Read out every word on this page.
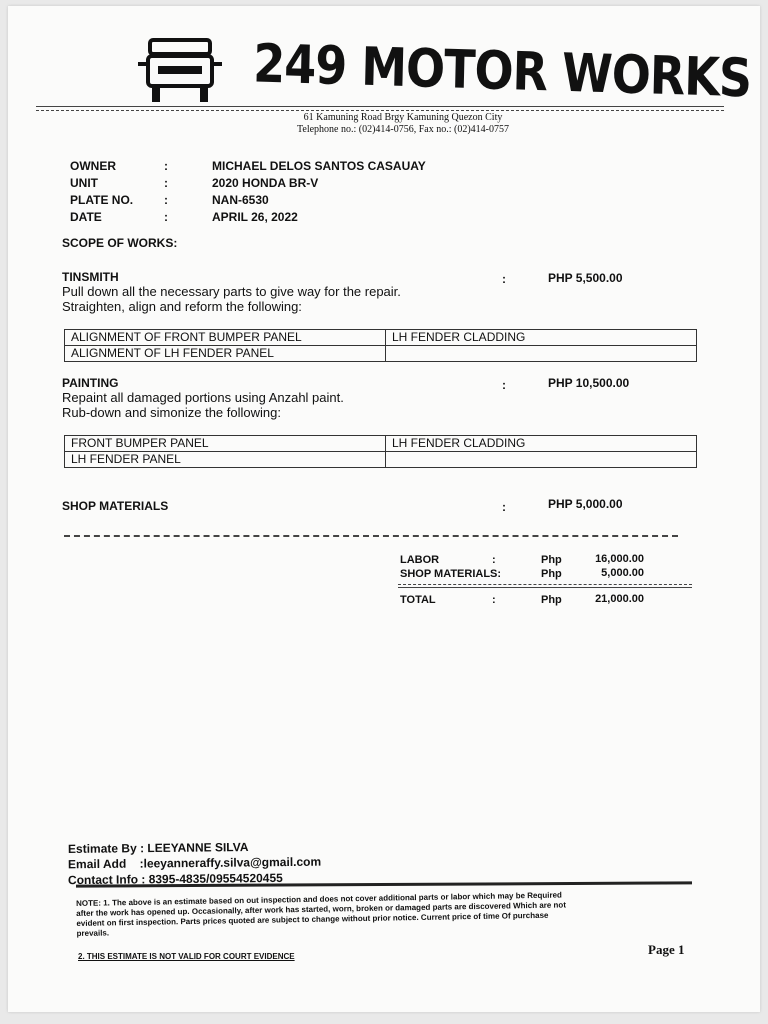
249 MOTOR WORKS
61 Kamuning Road Brgy Kamuning Quezon City
Telephone no.: (02)414-0756, Fax no.: (02)414-0757
OWNER	:	MICHAEL DELOS SANTOS CASAUAY
UNIT	:	2020 HONDA BR-V
PLATE NO.	:	NAN-6530
DATE	:	APRIL 26, 2022
SCOPE OF WORKS:
TINSMITH	:	PHP 5,500.00
Pull down all the necessary parts to give way for the repair.
Straighten, align and reform the following:
ALIGNMENT OF FRONT BUMPER PANEL	LH FENDER CLADDING
ALIGNMENT OF LH FENDER PANEL	
PAINTING	:	PHP 10,500.00
Repaint all damaged portions using Anzahl paint.
Rub-down and simonize the following:
FRONT BUMPER PANEL	LH FENDER CLADDING
LH FENDER PANEL	
SHOP MATERIALS	:	PHP 5,000.00
LABOR	:	Php	16,000.00
SHOP MATERIALS:	Php	5,000.00
TOTAL	:	Php	21,000.00
Estimate By : LEEYANNE SILVA
Email Add    :leeyanneraffy.silva@gmail.com
Contact Info : 8395-4835/09554520455
NOTE: 1. The above is an estimate based on out inspection and does not cover additional parts or labor which may be Required after the work has opened up. Occasionally, after work has started, worn, broken or damaged parts are discovered Which are not evident on first inspection. Parts prices quoted are subject to change without prior notice. Current price of time Of purchase prevails.
2. THIS ESTIMATE IS NOT VALID FOR COURT EVIDENCE	Page 1
